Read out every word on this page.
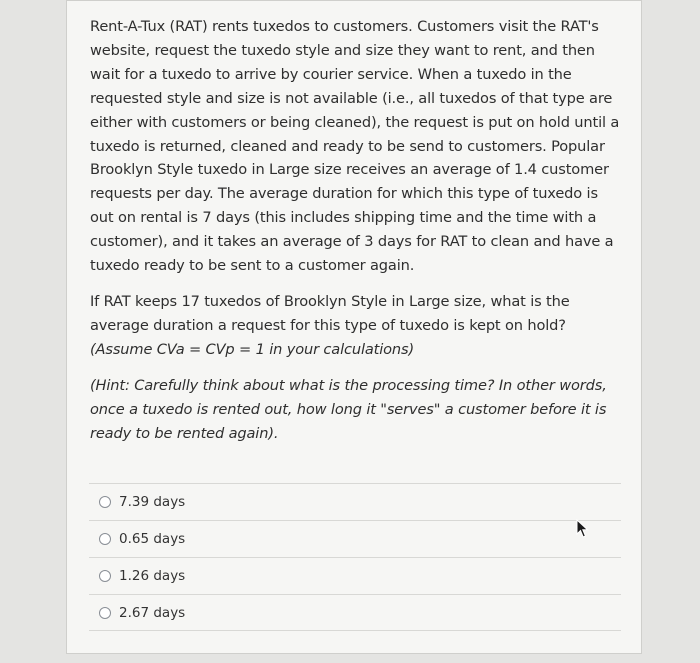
Rent-A-Tux (RAT) rents tuxedos to customers. Customers visit the RAT's website, request the tuxedo style and size they want to rent, and then wait for a tuxedo to arrive by courier service. When a tuxedo in the requested style and size is not available (i.e., all tuxedos of that type are either with customers or being cleaned), the request is put on hold until a tuxedo is returned, cleaned and ready to be send to customers. Popular Brooklyn Style tuxedo in Large size receives an average of 1.4 customer requests per day. The average duration for which this type of tuxedo is out on rental is 7 days (this includes shipping time and the time with a customer), and it takes an average of 3 days for RAT to clean and have a tuxedo ready to be sent to a customer again.

If RAT keeps 17 tuxedos of Brooklyn Style in Large size, what is the average duration a request for this type of tuxedo is kept on hold? (Assume CVa = CVp = 1 in your calculations)

(Hint: Carefully think about what is the processing time? In other words, once a tuxedo is rented out, how long it "serves" a customer before it is ready to be rented again).

7.39 days
0.65 days
1.26 days
2.67 days
